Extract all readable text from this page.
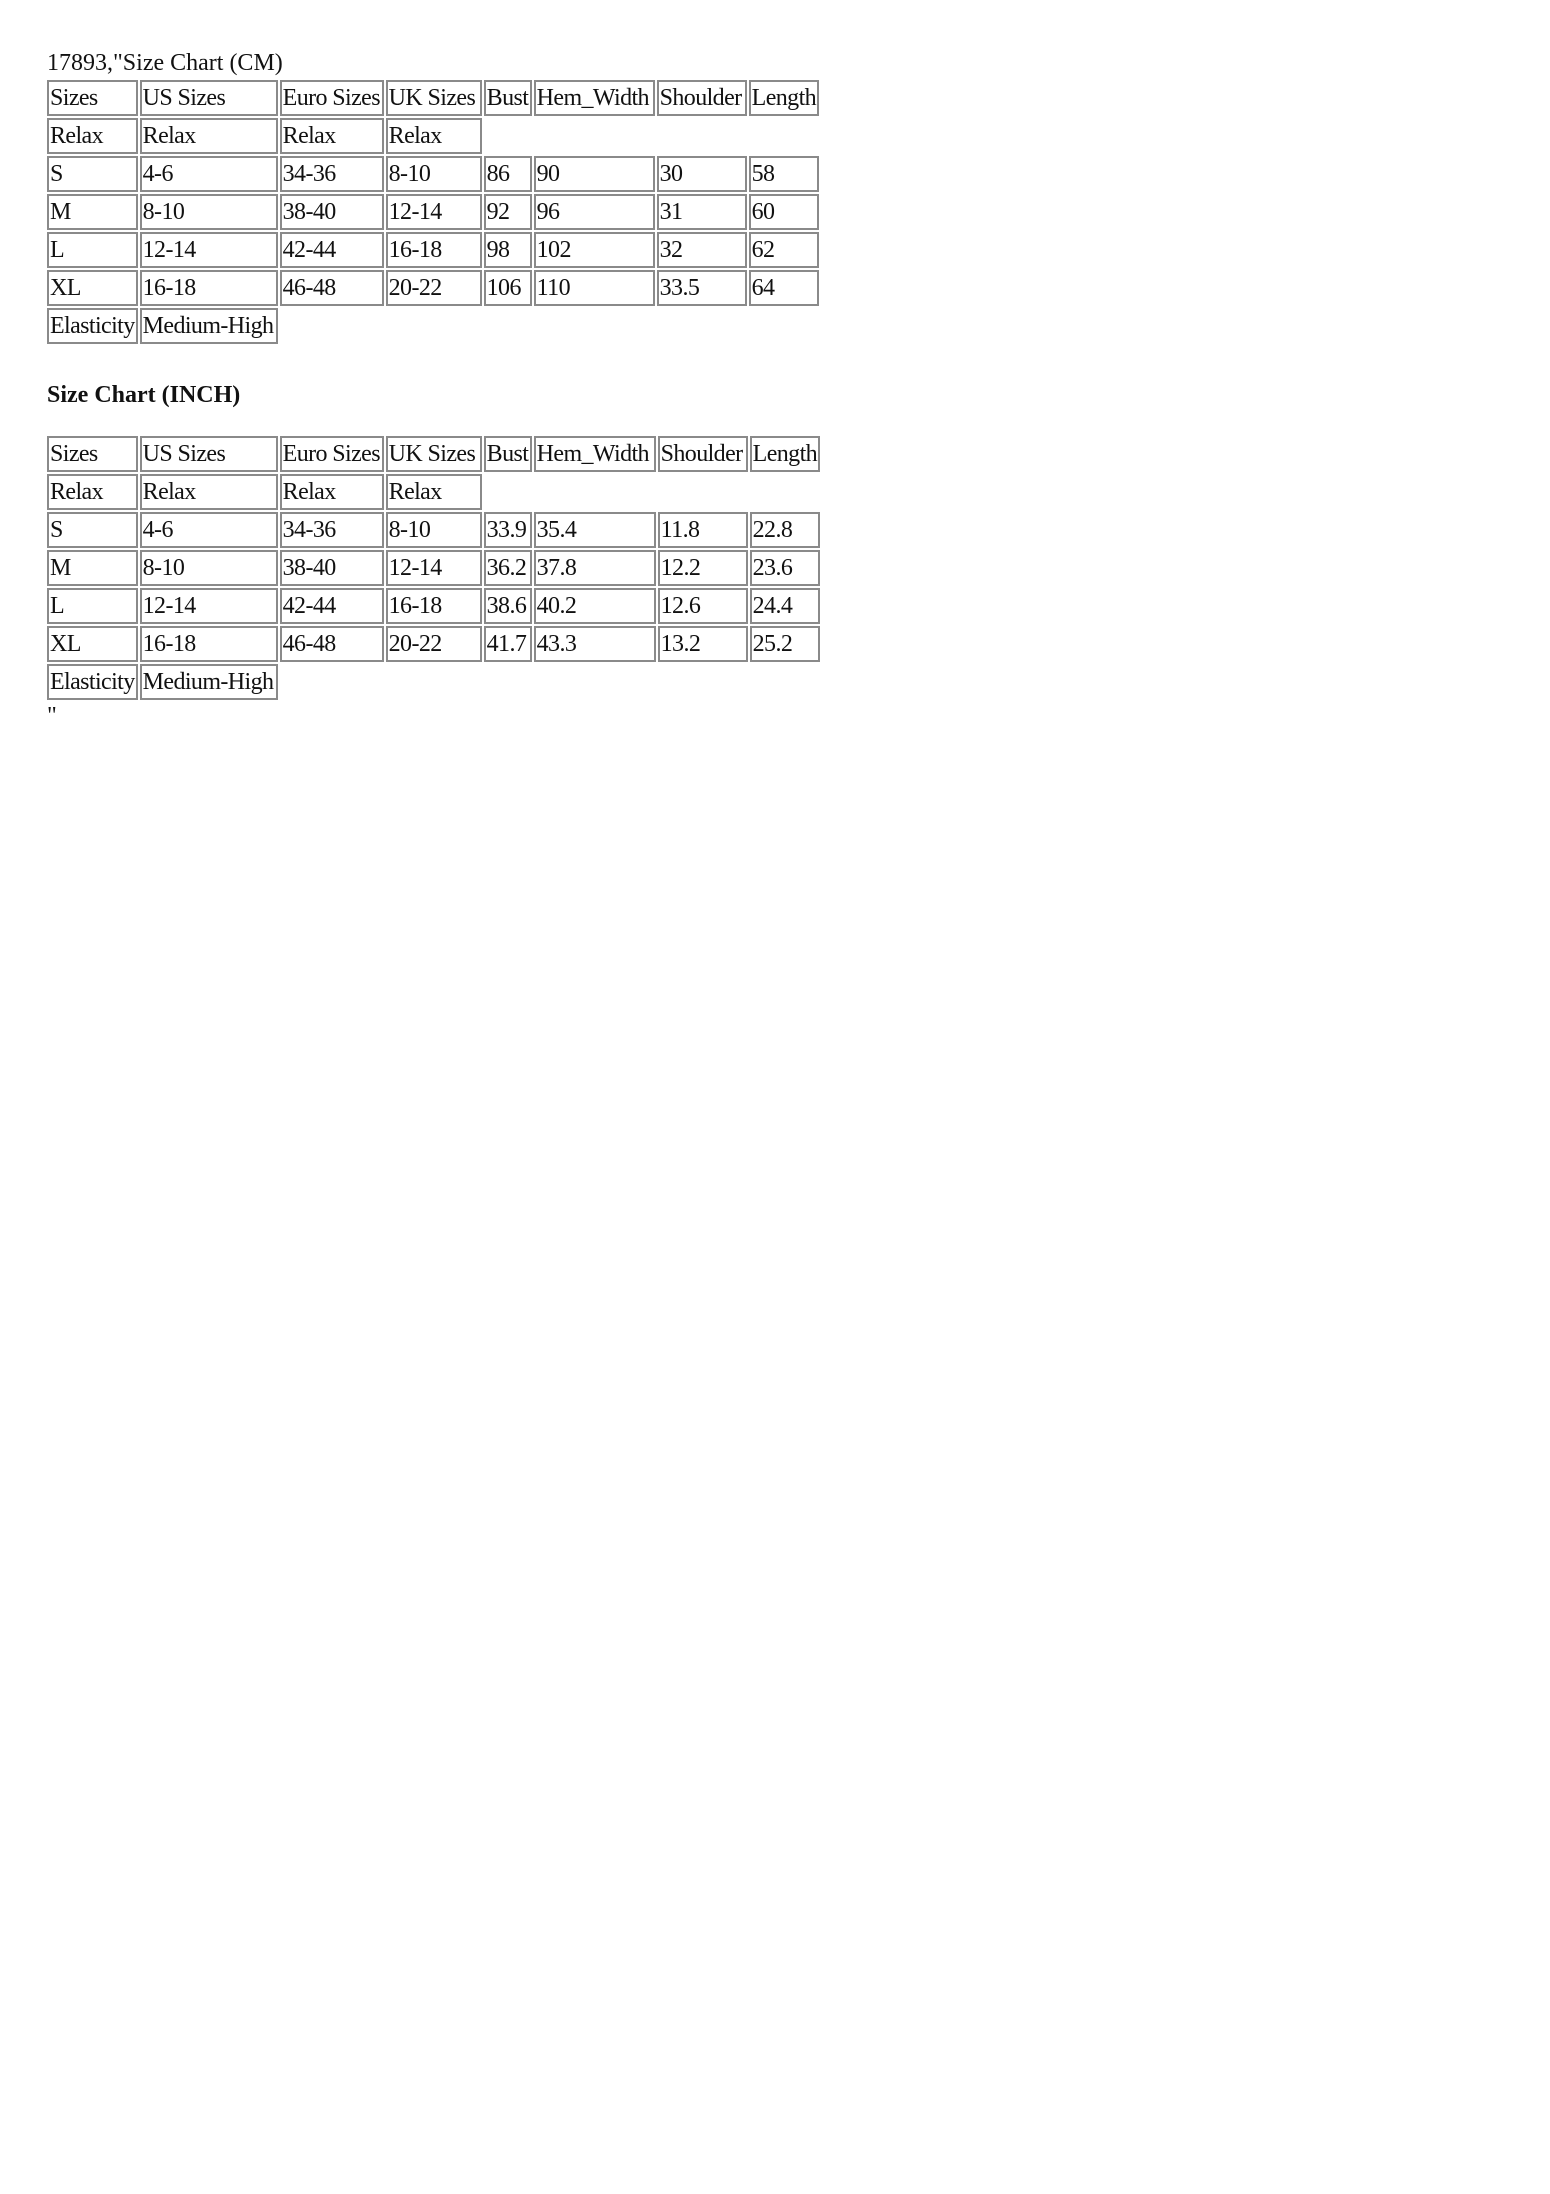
17893,"Size Chart (CM)
Sizes	US Sizes	Euro Sizes	UK Sizes	Bust	Hem_Width	Shoulder	Length
Relax	Relax	Relax	Relax				
S	4-6	34-36	8-10	86	90	30	58
M	8-10	38-40	12-14	92	96	31	60
L	12-14	42-44	16-18	98	102	32	62
XL	16-18	46-48	20-22	106	110	33.5	64
Elasticity	Medium-High						
Size Chart (INCH)
Sizes	US Sizes	Euro Sizes	UK Sizes	Bust	Hem_Width	Shoulder	Length
Relax	Relax	Relax	Relax				
S	4-6	34-36	8-10	33.9	35.4	11.8	22.8
M	8-10	38-40	12-14	36.2	37.8	12.2	23.6
L	12-14	42-44	16-18	38.6	40.2	12.6	24.4
XL	16-18	46-48	20-22	41.7	43.3	13.2	25.2
Elasticity	Medium-High						
"
